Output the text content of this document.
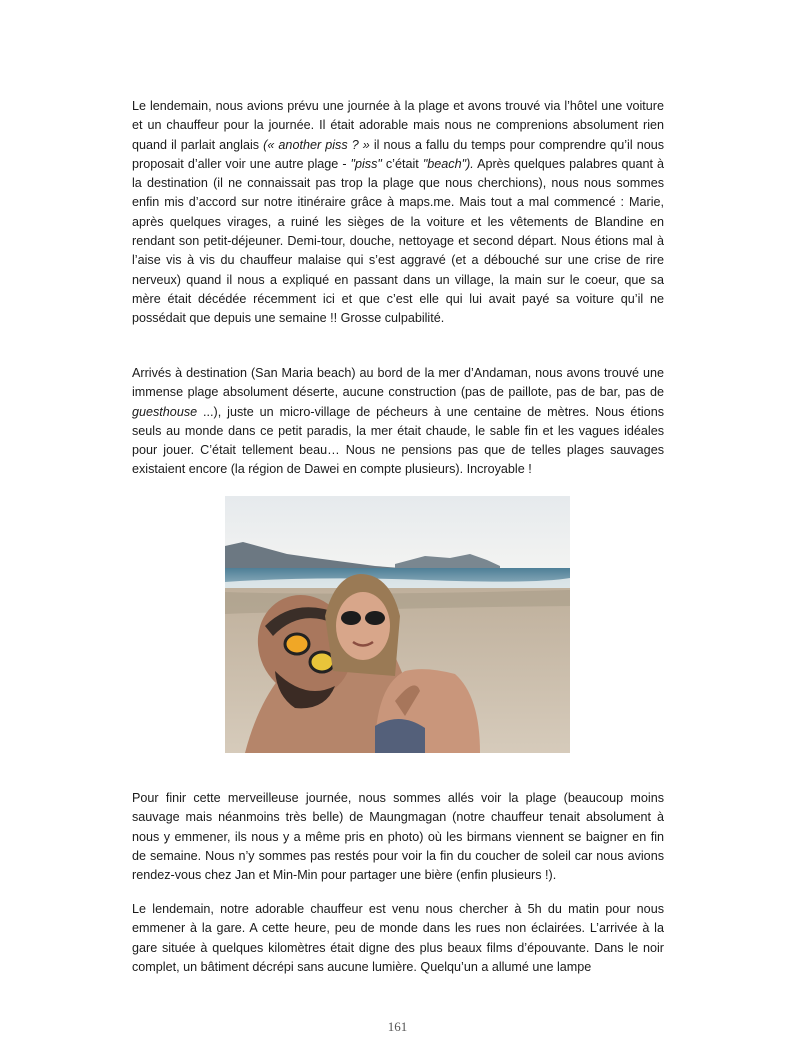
Le lendemain, nous avions prévu une journée à la plage et avons trouvé via l’hôtel une voiture et un chauffeur pour la journée. Il était adorable mais nous ne comprenions absolument rien quand il parlait anglais (« another piss ? » il nous a fallu du temps pour comprendre qu’il nous proposait d’aller voir une autre plage - "piss" c’était "beach"). Après quelques palabres quant à la destination (il ne connaissait pas trop la plage que nous cherchions), nous nous sommes enfin mis d’accord sur notre itinéraire grâce à maps.me. Mais tout a mal commencé : Marie, après quelques virages, a ruiné les sièges de la voiture et les vêtements de Blandine en rendant son petit-déjeuner. Demi-tour, douche, nettoyage et second départ. Nous étions mal à l’aise vis à vis du chauffeur malaise qui s’est aggravé (et a débouché sur une crise de rire nerveux) quand il nous a expliqué en passant dans un village, la main sur le coeur, que sa mère était décédée récemment ici et que c’est elle qui lui avait payé sa voiture qu’il ne possédait que depuis une semaine !! Grosse culpabilité.

Arrivés à destination (San Maria beach) au bord de la mer d’Andaman, nous avons trouvé une immense plage absolument déserte, aucune construction (pas de paillote, pas de bar, pas de guesthouse ...), juste un micro-village de pécheurs à une centaine de mètres. Nous étions seuls au monde dans ce petit paradis, la mer était chaude, le sable fin et les vagues idéales pour jouer. C’était tellement beau… Nous ne pensions pas que de telles plages sauvages existaient encore (la région de Dawei en compte plusieurs). Incroyable !

Pour finir cette merveilleuse journée, nous sommes allés voir la plage (beaucoup moins sauvage mais néanmoins très belle) de Maungmagan (notre chauffeur tenait absolument à nous y emmener, ils nous y a même pris en photo) où les birmans viennent se baigner en fin de semaine. Nous n’y sommes pas restés pour voir la fin du coucher de soleil car nous avions rendez-vous chez Jan et Min-Min pour partager une bière (enfin plusieurs !).

Le lendemain, notre adorable chauffeur est venu nous chercher à 5h du matin pour nous emmener à la gare. A cette heure, peu de monde dans les rues non éclairées. L’arrivée à la gare située à quelques kilomètres était digne des plus beaux films d’épouvante. Dans le noir complet, un bâtiment décrépi sans aucune lumière. Quelqu’un a allumé une lampe

161
